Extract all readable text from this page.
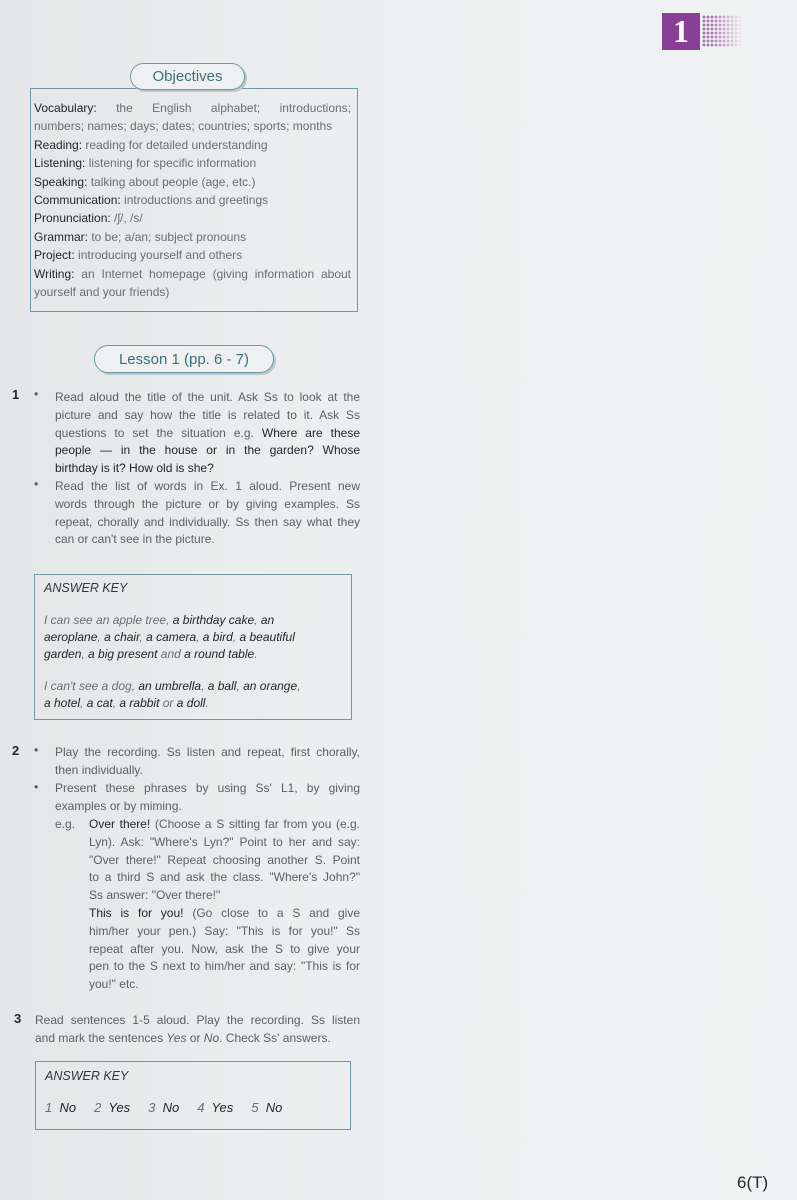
1
Vocabulary: the English alphabet; introductions;
numbers; names; days; dates; countries; sports; months
Reading: reading for detailed understanding
Listening: listening for specific information
Speaking: talking about people (age, etc.)
Communication: introductions and greetings
Pronunciation: /ʃ/, /s/
Grammar: to be; a/an; subject pronouns
Project: introducing yourself and others
Writing: an Internet homepage (giving information about
yourself and your friends)
Objectives
Lesson 1 (pp. 6 - 7)
1 • Read aloud the title of the unit. Ask Ss to look at the
picture and say how the title is related to it. Ask Ss
questions to set the situation e.g. Where are these
people — in the house or in the garden? Whose
birthday is it? How old is she?
• Read the list of words in Ex. 1 aloud. Present new
words through the picture or by giving examples. Ss
repeat, chorally and individually. Ss then say what they
can or can't see in the picture.
ANSWER KEY
I can see an apple tree, a birthday cake, an
aeroplane, a chair, a camera, a bird, a beautiful
garden, a big present and a round table.
I can't see a dog, an umbrella, a ball, an orange,
a hotel, a cat, a rabbit or a doll.
2 • Play the recording. Ss listen and repeat, first chorally,
then individually.
• Present these phrases by using Ss' L1, by giving
examples or by miming.
e.g. Over there! (Choose a S sitting far from you (e.g.
Lyn). Ask: "Where's Lyn?" Point to her and say:
"Over there!" Repeat choosing another S. Point
to a third S and ask the class. "Where's John?"
Ss answer: "Over there!"
This is for you! (Go close to a S and give
him/her your pen.) Say: "This is for you!" Ss
repeat after you. Now, ask the S to give your
pen to the S next to him/her and say: "This is for
you!" etc.
3 Read sentences 1-5 aloud. Play the recording. Ss listen
and mark the sentences Yes or No. Check Ss' answers.
ANSWER KEY
1 No 2 Yes 3 No 4 Yes 5 No
6(T)
